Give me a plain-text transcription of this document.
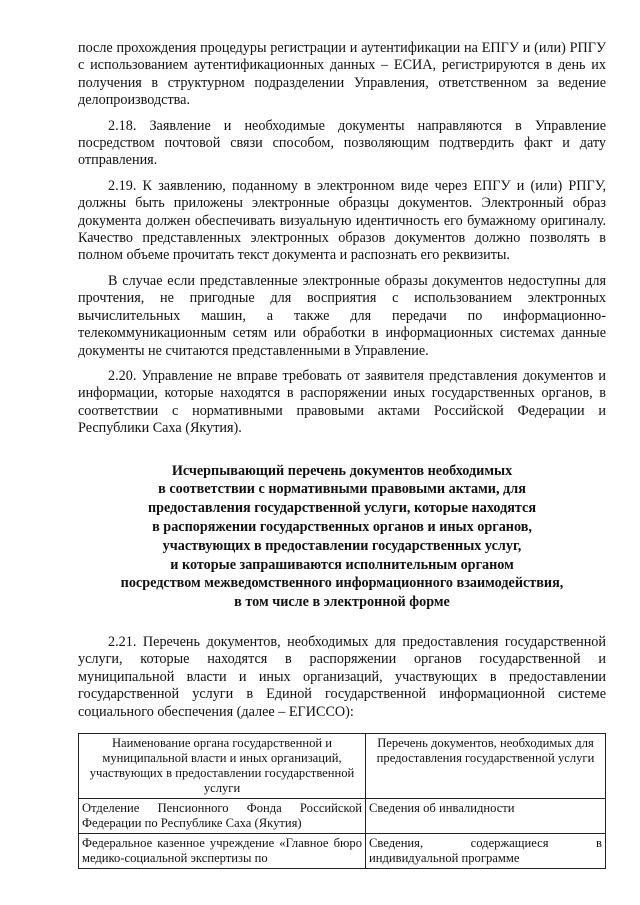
после прохождения процедуры регистрации и аутентификации на ЕПГУ и (или) РПГУ с использованием аутентификационных данных – ЕСИА, регистрируются в день их получения в структурном подразделении Управления, ответственном за ведение делопроизводства.

2.18. Заявление и необходимые документы направляются в Управление посредством почтовой связи способом, позволяющим подтвердить факт и дату отправления.

2.19. К заявлению, поданному в электронном виде через ЕПГУ и (или) РПГУ, должны быть приложены электронные образцы документов. Электронный образ документа должен обеспечивать визуальную идентичность его бумажному оригиналу. Качество представленных электронных образов документов должно позволять в полном объеме прочитать текст документа и распознать его реквизиты.

В случае если представленные электронные образы документов недоступны для прочтения, не пригодные для восприятия с использованием электронных вычислительных машин, а также для передачи по информационно-телекоммуникационным сетям или обработки в информационных системах данные документы не считаются представленными в Управление.

2.20. Управление не вправе требовать от заявителя представления документов и информации, которые находятся в распоряжении иных государственных органов, в соответствии с нормативными правовыми актами Российской Федерации и Республики Саха (Якутия).

Исчерпывающий перечень документов необходимых
в соответствии с нормативными правовыми актами, для
предоставления государственной услуги, которые находятся
в распоряжении государственных органов и иных органов,
участвующих в предоставлении государственных услуг,
и которые запрашиваются исполнительным органом
посредством межведомственного информационного взаимодействия,
в том числе в электронной форме

2.21. Перечень документов, необходимых для предоставления государственной услуги, которые находятся в распоряжении органов государственной и муниципальной власти и иных организаций, участвующих в предоставлении государственной услуги в Единой государственной информационной системе социального обеспечения (далее – ЕГИССО):

Наименование органа государственной и муниципальной власти и иных организаций, участвующих в предоставлении государственной услуги	Перечень документов, необходимых для предоставления государственной услуги
Отделение Пенсионного Фонда Российской Федерации по Республике Саха (Якутия)	Сведения об инвалидности
Федеральное казенное учреждение «Главное бюро медико-социальной экспертизы по	Сведения, содержащиеся в индивидуальной программе
